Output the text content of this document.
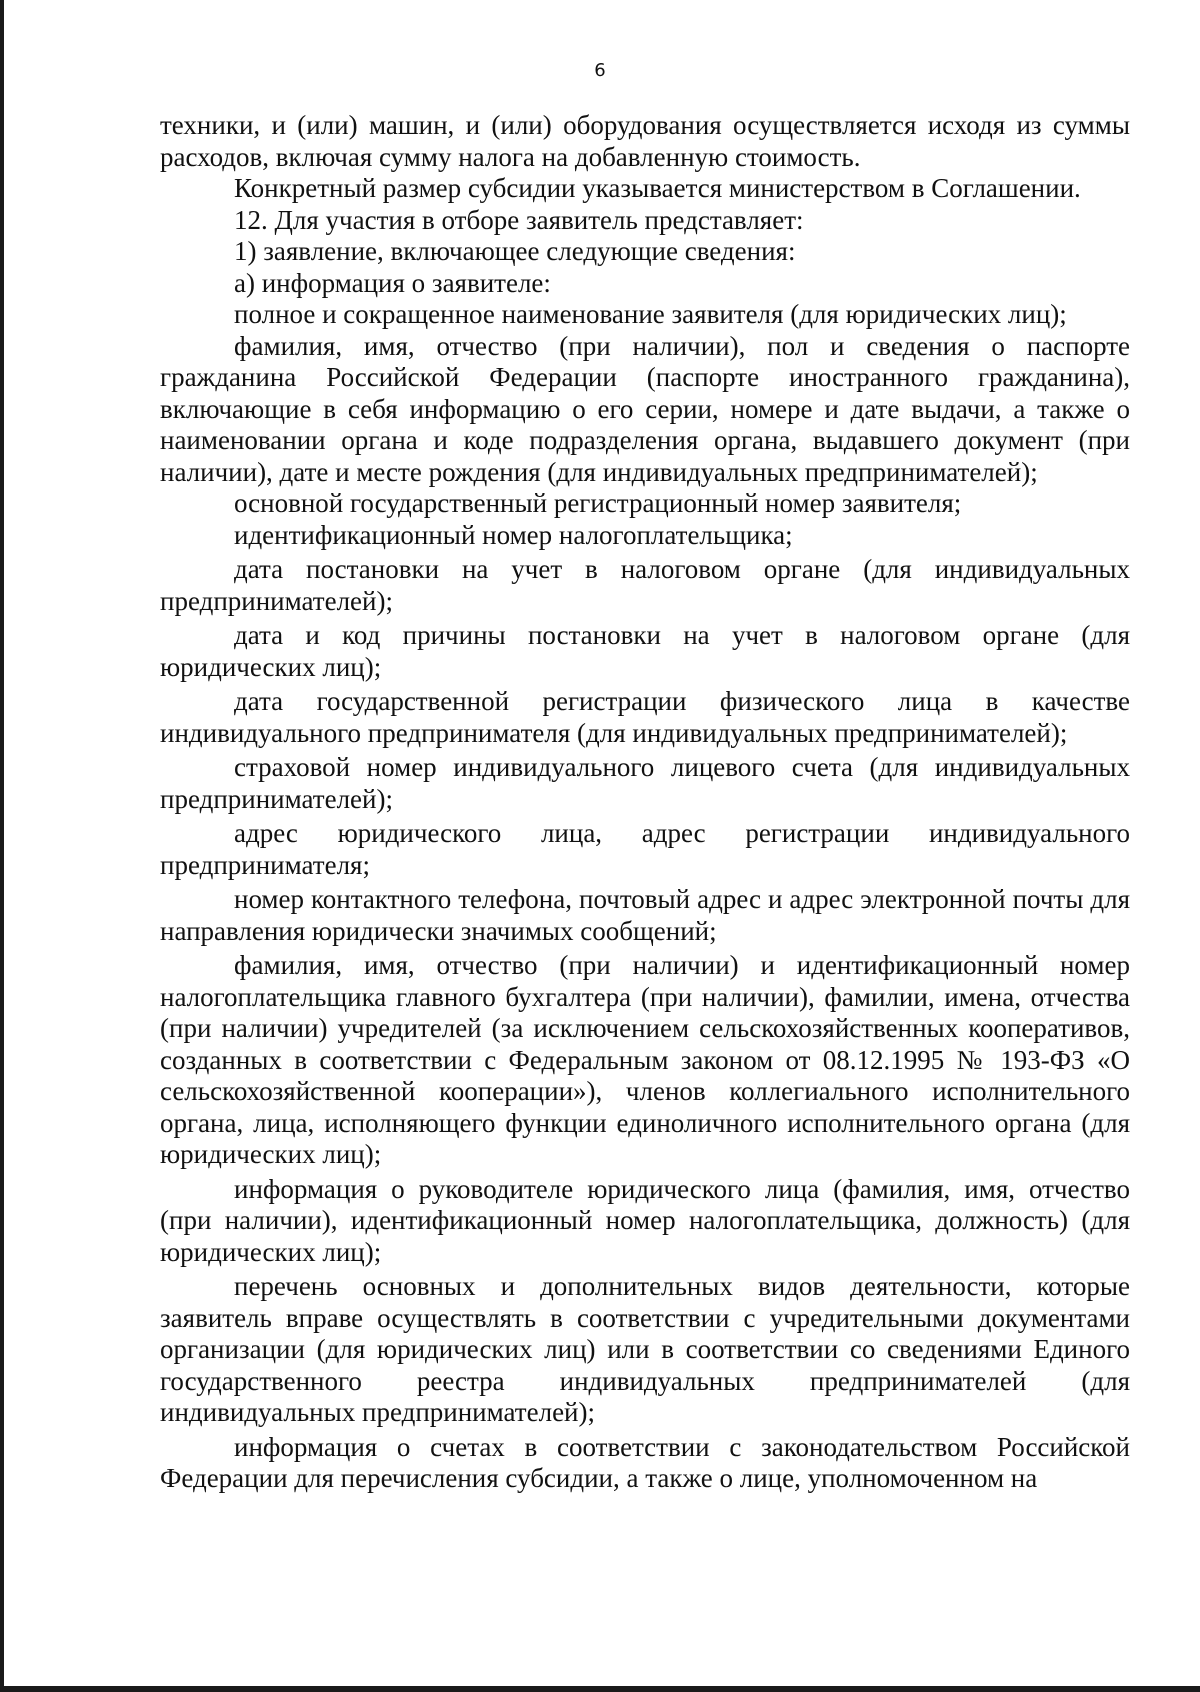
6

техники, и (или) машин, и (или) оборудования осуществляется исходя из суммы расходов, включая сумму налога на добавленную стоимость.

Конкретный размер субсидии указывается министерством в Соглашении.

12. Для участия в отборе заявитель представляет:

1) заявление, включающее следующие сведения:

а) информация о заявителе:

полное и сокращенное наименование заявителя (для юридических лиц);

фамилия, имя, отчество (при наличии), пол и сведения о паспорте гражданина Российской Федерации (паспорте иностранного гражданина), включающие в себя информацию о его серии, номере и дате выдачи, а также о наименовании органа и коде подразделения органа, выдавшего документ (при наличии), дате и месте рождения (для индивидуальных предпринимателей);

основной государственный регистрационный номер заявителя;

идентификационный номер налогоплательщика;

дата постановки на учет в налоговом органе (для индивидуальных предпринимателей);

дата и код причины постановки на учет в налоговом органе (для юридических лиц);

дата государственной регистрации физического лица в качестве индивидуального предпринимателя (для индивидуальных предпринимателей);

страховой номер индивидуального лицевого счета (для индивидуальных предпринимателей);

адрес юридического лица, адрес регистрации индивидуального предпринимателя;

номер контактного телефона, почтовый адрес и адрес электронной почты для направления юридически значимых сообщений;

фамилия, имя, отчество (при наличии) и идентификационный номер налогоплательщика главного бухгалтера (при наличии), фамилии, имена, отчества (при наличии) учредителей (за исключением сельскохозяйственных кооперативов, созданных в соответствии с Федеральным законом от 08.12.1995 № 193-ФЗ «О сельскохозяйственной кооперации»), членов коллегиального исполнительного органа, лица, исполняющего функции единоличного исполнительного органа (для юридических лиц);

информация о руководителе юридического лица (фамилия, имя, отчество (при наличии), идентификационный номер налогоплательщика, должность) (для юридических лиц);

перечень основных и дополнительных видов деятельности, которые заявитель вправе осуществлять в соответствии с учредительными документами организации (для юридических лиц) или в соответствии со сведениями Единого государственного реестра индивидуальных предпринимателей (для индивидуальных предпринимателей);

информация о счетах в соответствии с законодательством Российской Федерации для перечисления субсидии, а также о лице, уполномоченном на
